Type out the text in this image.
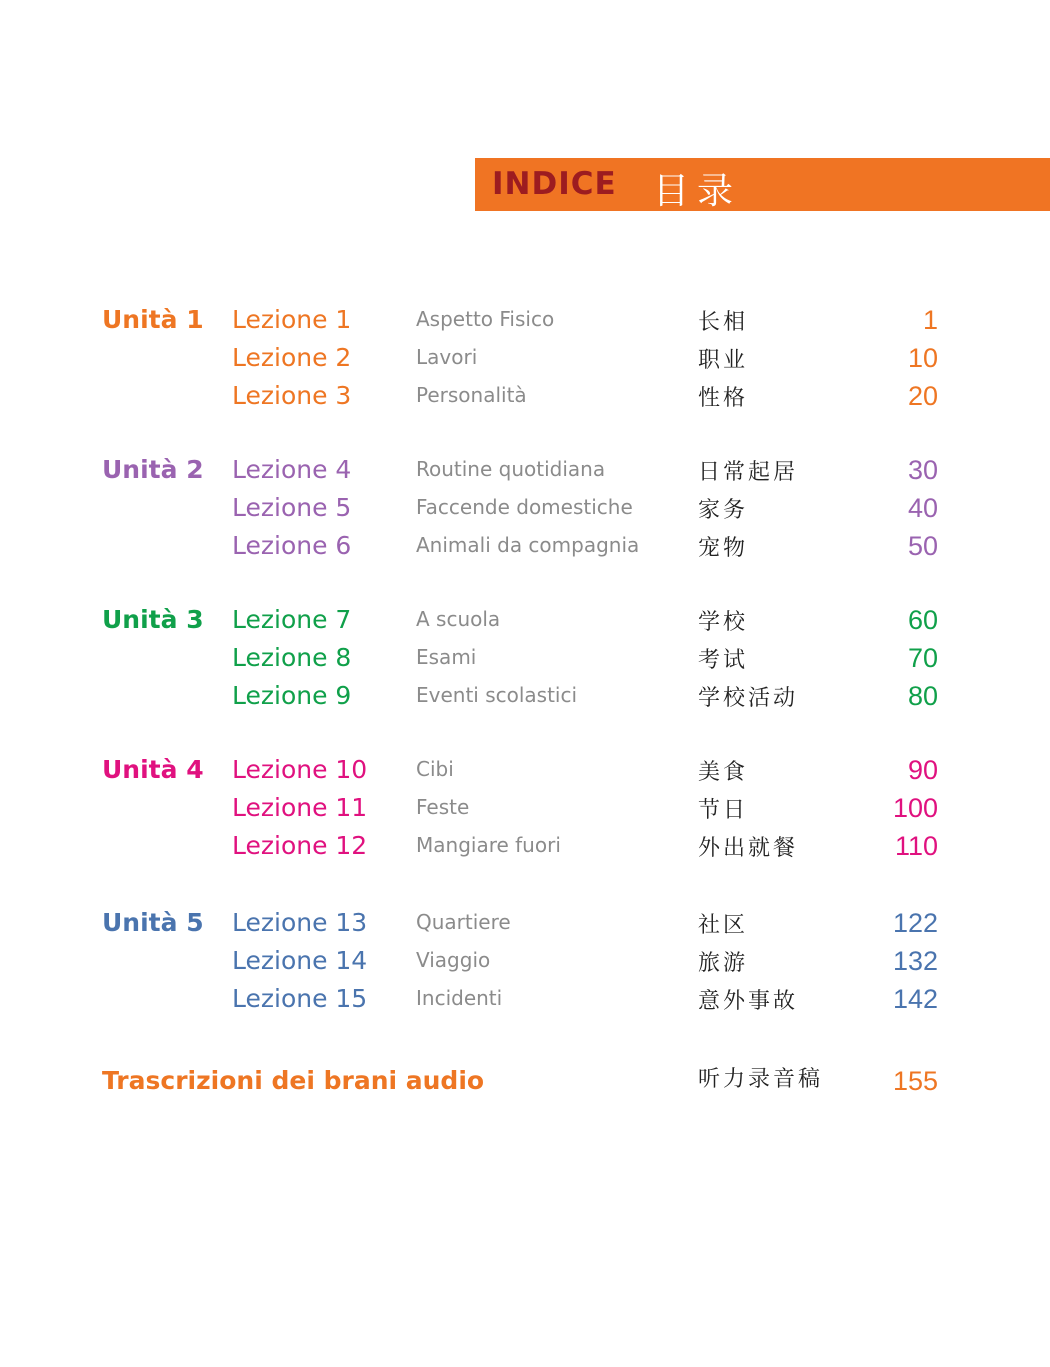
INDICE 目录
Unità 1 Lezione 1	Aspetto Fisico	长相	1
Lezione 2	Lavori	职业	10
Lezione 3	Personalità	性格	20
Unità 2 Lezione 4	Routine quotidiana	日常起居	30
Lezione 5	Faccende domestiche	家务	40
Lezione 6	Animali da compagnia	宠物	50
Unità 3 Lezione 7	A scuola	学校	60
Lezione 8	Esami	考试	70
Lezione 9	Eventi scolastici	学校活动	80
Unità 4 Lezione 10 Cibi	美食	90
Lezione 11 Feste	节日	100
Lezione 12 Mangiare fuori	外出就餐	110
Unità 5 Lezione 13 Quartiere	社区	122
Lezione 14 Viaggio	旅游	132
Lezione 15 Incidenti	意外事故	142
Trascrizioni dei brani audio	听力录音稿	155
